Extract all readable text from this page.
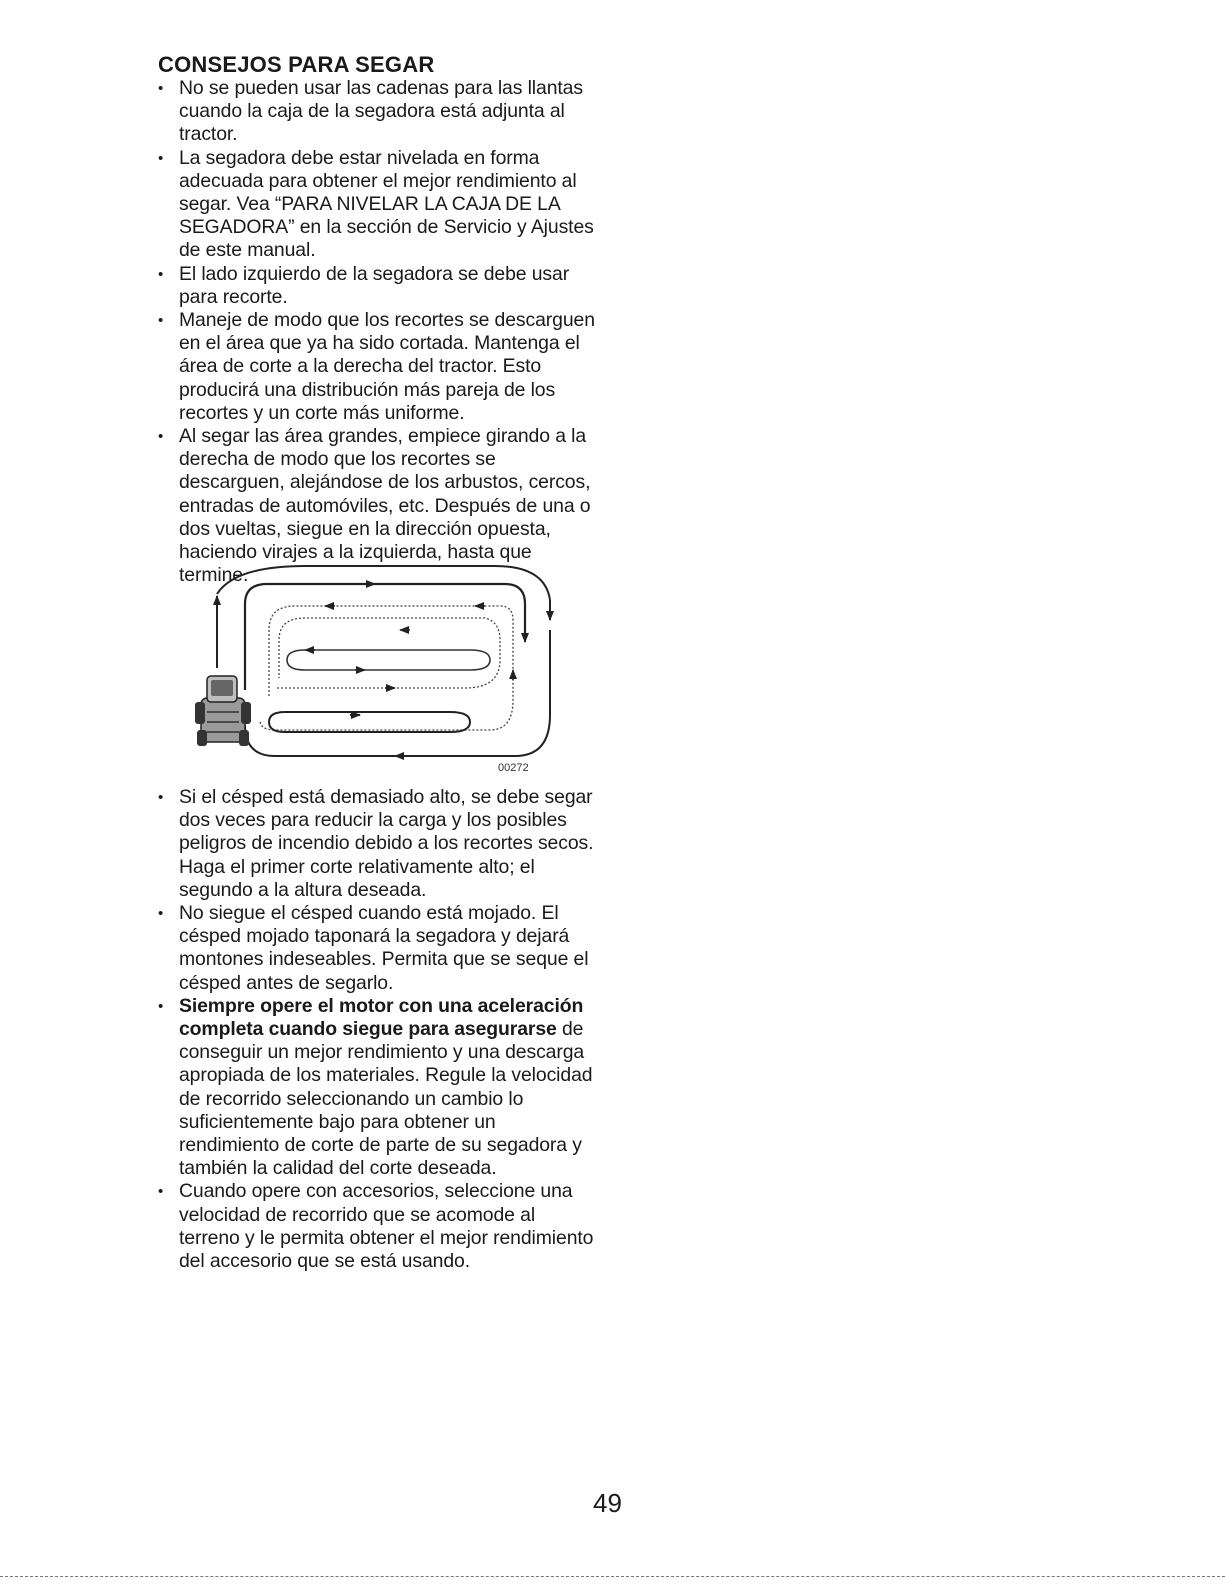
CONSEJOS PARA SEGAR
• No se pueden usar las cadenas para las llantas cuando la caja de la segadora está adjunta al tractor.
• La segadora debe estar nivelada en forma adecuada para obtener el mejor rendimiento al segar. Vea “PARA NIVELAR LA CAJA DE LA SEGADORA” en la sección de Servicio y Ajustes de este manual.
• El lado izquierdo de la segadora se debe usar para recorte.
• Maneje de modo que los recortes se descarguen en el área que ya ha sido cortada. Mantenga el área de corte a la derecha del tractor. Esto producirá una distribución más pareja de los recortes y un corte más uniforme.
• Al segar las área grandes, empiece girando a la derecha de modo que los recortes se descarguen, alejándose de los arbustos, cercos, entradas de automóviles, etc. Después de una o dos vueltas, siegue en la dirección opuesta, haciendo virajes a la izquierda, hasta que termine.
00272
• Si el césped está demasiado alto, se debe segar dos veces para reducir la carga y los posibles peligros de incendio debido a los recortes secos. Haga el primer corte relativamente alto; el segundo a la altura deseada.
• No siegue el césped cuando está mojado. El césped mojado taponará la segadora y dejará montones indeseables. Permita que se seque el césped antes de segarlo.
• Siempre opere el motor con una aceleración completa cuando siegue para asegurarse de conseguir un mejor rendimiento y una descarga apropiada de los materiales. Regule la velocidad de recorrido seleccionando un cambio lo suficientemente bajo para obtener un rendimiento de corte de parte de su segadora y también la calidad del corte deseada.
• Cuando opere con accesorios, seleccione una velocidad de recorrido que se acomode al terreno y le permita obtener el mejor rendimiento del accesorio que se está usando.
49
